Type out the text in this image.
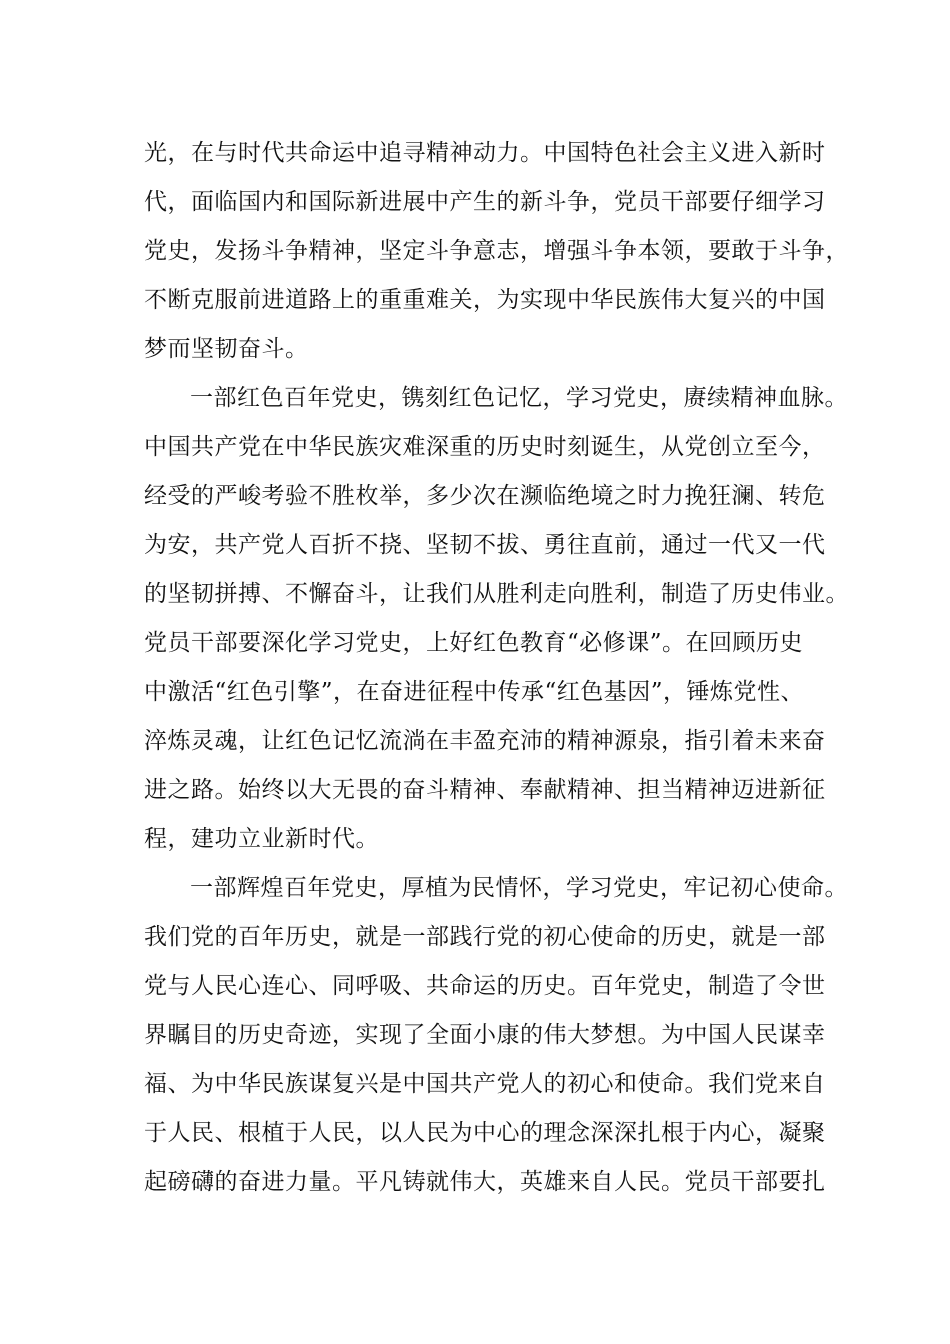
光，在与时代共命运中追寻精神动力。中国特色社会主义进入新时
代，面临国内和国际新进展中产生的新斗争，党员干部要仔细学习
党史，发扬斗争精神，坚定斗争意志，增强斗争本领，要敢于斗争，
不断克服前进道路上的重重难关，为实现中华民族伟大复兴的中国
梦而坚韧奋斗。
一部红色百年党史，镌刻红色记忆，学习党史，赓续精神血脉。
中国共产党在中华民族灾难深重的历史时刻诞生，从党创立至今，
经受的严峻考验不胜枚举，多少次在濒临绝境之时力挽狂澜、转危
为安，共产党人百折不挠、坚韧不拔、勇往直前，通过一代又一代
的坚韧拼搏、不懈奋斗，让我们从胜利走向胜利，制造了历史伟业。
党员干部要深化学习党史，上好红色教育“必修课”。在回顾历史
中激活“红色引擎”，在奋进征程中传承“红色基因”，锤炼党性、
淬炼灵魂，让红色记忆流淌在丰盈充沛的精神源泉，指引着未来奋
进之路。始终以大无畏的奋斗精神、奉献精神、担当精神迈进新征
程，建功立业新时代。
一部辉煌百年党史，厚植为民情怀，学习党史，牢记初心使命。
我们党的百年历史，就是一部践行党的初心使命的历史，就是一部
党与人民心连心、同呼吸、共命运的历史。百年党史，制造了令世
界瞩目的历史奇迹，实现了全面小康的伟大梦想。为中国人民谋幸
福、为中华民族谋复兴是中国共产党人的初心和使命。我们党来自
于人民、根植于人民，以人民为中心的理念深深扎根于内心，凝聚
起磅礴的奋进力量。平凡铸就伟大，英雄来自人民。党员干部要扎
